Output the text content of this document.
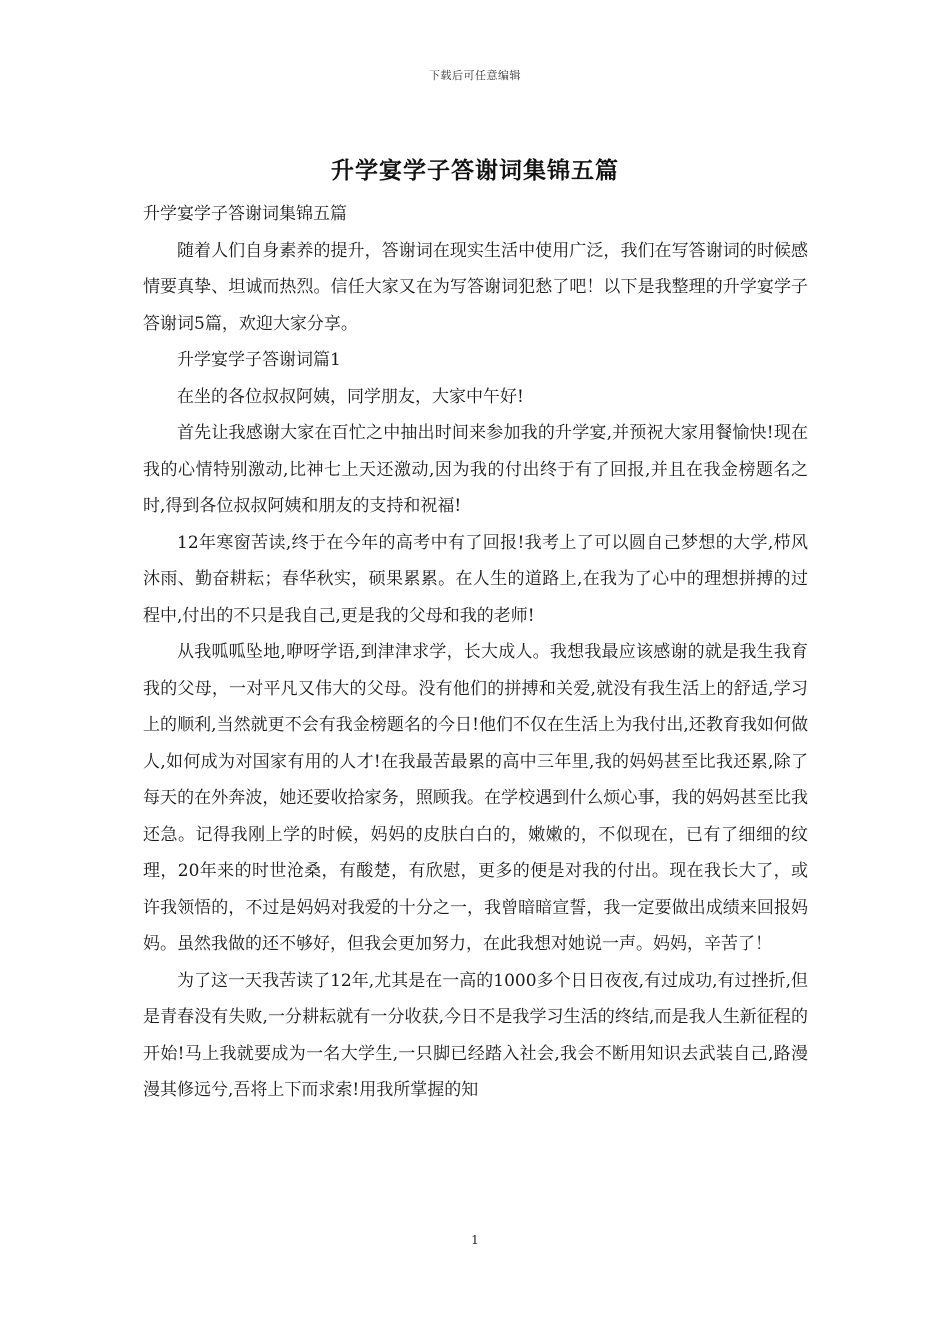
下载后可任意编辑
升学宴学子答谢词集锦五篇

升学宴学子答谢词集锦五篇

随着人们自身素养的提升，答谢词在现实生活中使用广泛，我们在写答谢词的时候感情要真挚、坦诚而热烈。信任大家又在为写答谢词犯愁了吧！以下是我整理的升学宴学子答谢词5篇，欢迎大家分享。

升学宴学子答谢词篇1

在坐的各位叔叔阿姨，同学朋友，大家中午好!

首先让我感谢大家在百忙之中抽出时间来参加我的升学宴,并预祝大家用餐愉快!现在我的心情特别激动,比神七上天还激动,因为我的付出终于有了回报,并且在我金榜题名之时,得到各位叔叔阿姨和朋友的支持和祝福!

12年寒窗苦读,终于在今年的高考中有了回报!我考上了可以圆自己梦想的大学,栉风沐雨、勤奋耕耘；春华秋实，硕果累累。在人生的道路上,在我为了心中的理想拼搏的过程中,付出的不只是我自己,更是我的父母和我的老师!

从我呱呱坠地,咿呀学语,到津津求学，长大成人。我想我最应该感谢的就是我生我育我的父母，一对平凡又伟大的父母。没有他们的拼搏和关爱,就没有我生活上的舒适,学习上的顺利,当然就更不会有我金榜题名的今日!他们不仅在生活上为我付出,还教育我如何做人,如何成为对国家有用的人才!在我最苦最累的高中三年里,我的妈妈甚至比我还累,除了每天的在外奔波，她还要收拾家务，照顾我。在学校遇到什么烦心事，我的妈妈甚至比我还急。记得我刚上学的时候，妈妈的皮肤白白的，嫩嫩的，不似现在，已有了细细的纹理，20年来的时世沧桑，有酸楚，有欣慰，更多的便是对我的付出。现在我长大了，或许我领悟的，不过是妈妈对我爱的十分之一，我曾暗暗宣誓，我一定要做出成绩来回报妈妈。虽然我做的还不够好，但我会更加努力，在此我想对她说一声。妈妈，辛苦了！

为了这一天我苦读了12年,尤其是在一高的1000多个日日夜夜,有过成功,有过挫折,但是青春没有失败,一分耕耘就有一分收获,今日不是我学习生活的终结,而是我人生新征程的开始!马上我就要成为一名大学生,一只脚已经踏入社会,我会不断用知识去武装自己,路漫漫其修远兮,吾将上下而求索!用我所掌握的知

1
